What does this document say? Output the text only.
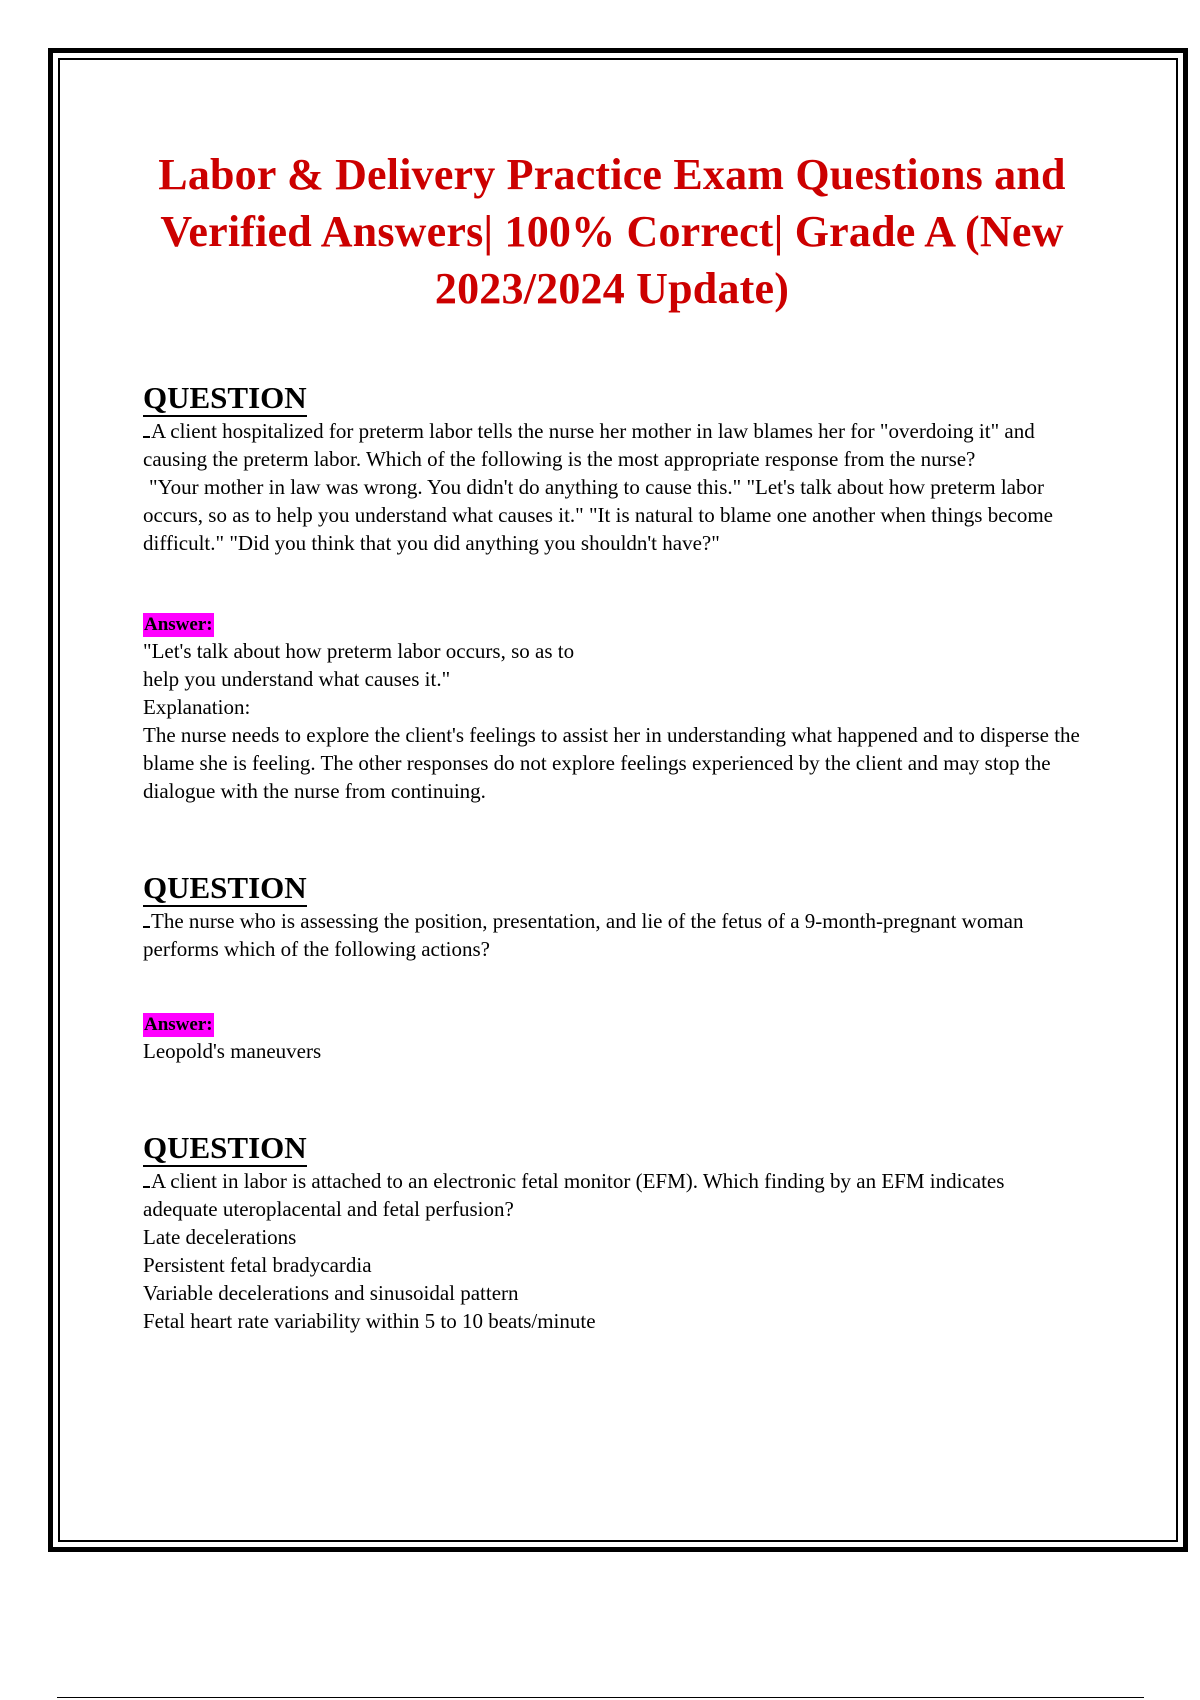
Labor & Delivery Practice Exam Questions and Verified Answers| 100% Correct| Grade A (New 2023/2024 Update)
QUESTION

A client hospitalized for preterm labor tells the nurse her mother in law blames her for "overdoing it" and causing the preterm labor. Which of the following is the most appropriate response from the nurse?

"Your mother in law was wrong. You didn't do anything to cause this." "Let's talk about how preterm labor occurs, so as to help you understand what causes it." "It is natural to blame one another when things become difficult." "Did you think that you did anything you shouldn't have?"

Answer:

"Let's talk about how preterm labor occurs, so as to
help you understand what causes it."

Explanation:

The nurse needs to explore the client's feelings to assist her in understanding what happened and to disperse the blame she is feeling. The other responses do not explore feelings experienced by the client and may stop the dialogue with the nurse from continuing.

QUESTION

The nurse who is assessing the position, presentation, and lie of the fetus of a 9-month-pregnant woman performs which of the following actions?

Answer:

Leopold's maneuvers

QUESTION

A client in labor is attached to an electronic fetal monitor (EFM). Which finding by an EFM indicates adequate uteroplacental and fetal perfusion?

Late decelerations
Persistent fetal bradycardia
Variable decelerations and sinusoidal pattern
Fetal heart rate variability within 5 to 10 beats/minute
